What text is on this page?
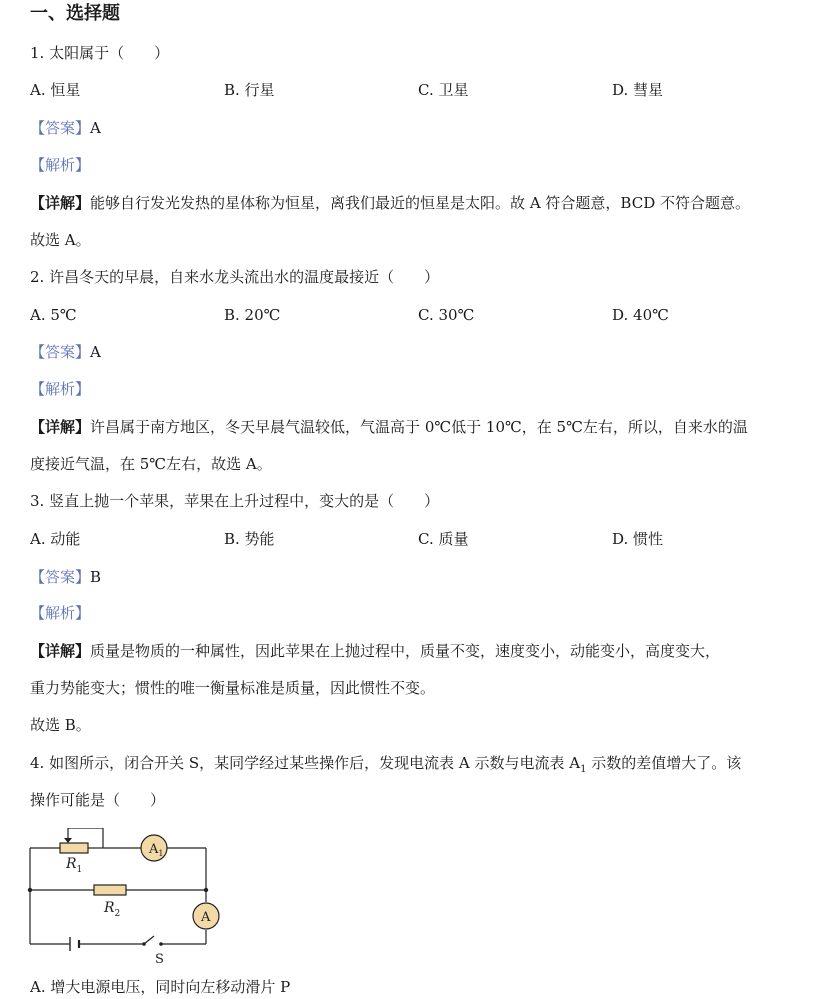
一、选择题
1. 太阳属于（　　）
A. 恒星	B. 行星	C. 卫星	D. 彗星
【答案】A
【解析】
【详解】能够自行发光发热的星体称为恒星，离我们最近的恒星是太阳。故 A 符合题意，BCD 不符合题意。
故选 A。
2. 许昌冬天的早晨，自来水龙头流出水的温度最接近（　　）
A. 5℃	B. 20℃	C. 30℃	D. 40℃
【答案】A
【解析】
【详解】许昌属于南方地区，冬天早晨气温较低，气温高于 0℃低于 10℃，在 5℃左右，所以，自来水的温
度接近气温，在 5℃左右，故选 A。
3. 竖直上抛一个苹果，苹果在上升过程中，变大的是（　　）
A. 动能	B. 势能	C. 质量	D. 惯性
【答案】B
【解析】
【详解】质量是物质的一种属性，因此苹果在上抛过程中，质量不变，速度变小，动能变小，高度变大，
重力势能变大；惯性的唯一衡量标准是质量，因此惯性不变。
故选 B。
4. 如图所示，闭合开关 S，某同学经过某些操作后，发现电流表 A 示数与电流表 $A_1$ 示数的差值增大了。该
操作可能是（　　）
$A_1$
A
$R_1$
$R_2$
S
A. 增大电源电压，同时向左移动滑片 P
